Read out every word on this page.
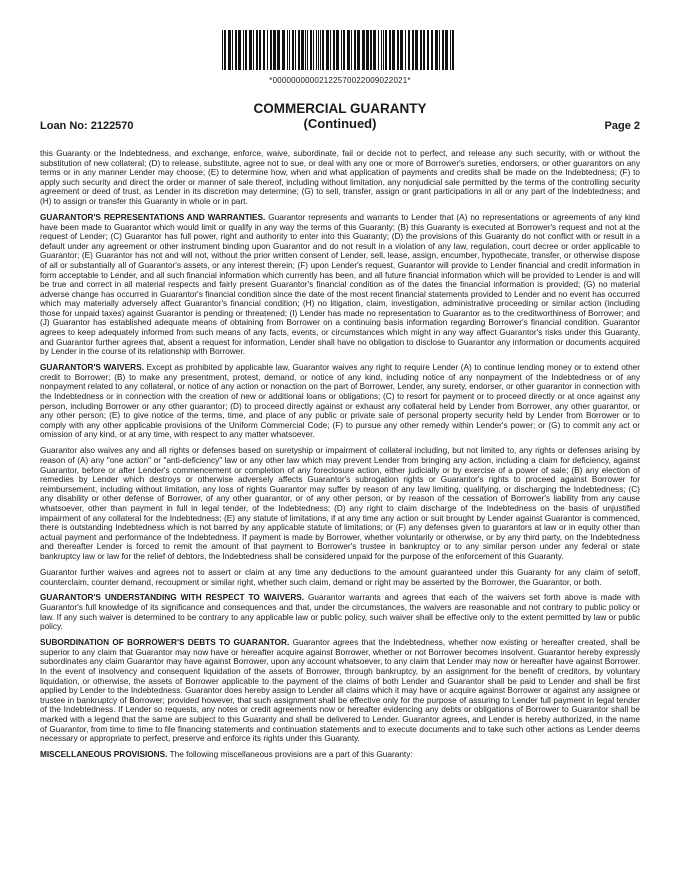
*00000000002122570022009022021*
COMMERCIAL GUARANTY
(Continued)
Loan No: 2122570	Page 2

this Guaranty or the Indebtedness, and exchange, enforce, waive, subordinate, fail or decide not to perfect, and release any such security, with or without the substitution of new collateral; (D) to release, substitute, agree not to sue, or deal with any one or more of Borrower's sureties, endorsers, or other guarantors on any terms or in any manner Lender may choose; (E) to determine how, when and what application of payments and credits shall be made on the Indebtedness; (F) to apply such security and direct the order or manner of sale thereof, including without limitation, any nonjudicial sale permitted by the terms of the controlling security agreement or deed of trust, as Lender in its discretion may determine; (G) to sell, transfer, assign or grant participations in all or any part of the Indebtedness; and (H) to assign or transfer this Guaranty in whole or in part.

GUARANTOR'S REPRESENTATIONS AND WARRANTIES. Guarantor represents and warrants to Lender that (A) no representations or agreements of any kind have been made to Guarantor which would limit or qualify in any way the terms of this Guaranty; (B) this Guaranty is executed at Borrower's request and not at the request of Lender; (C) Guarantor has full power, right and authority to enter into this Guaranty; (D) the provisions of this Guaranty do not conflict with or result in a default under any agreement or other instrument binding upon Guarantor and do not result in a violation of any law, regulation, court decree or order applicable to Guarantor; (E) Guarantor has not and will not, without the prior written consent of Lender, sell, lease, assign, encumber, hypothecate, transfer, or otherwise dispose of all or substantially all of Guarantor's assets, or any interest therein; (F) upon Lender's request, Guarantor will provide to Lender financial and credit information in form acceptable to Lender, and all such financial information which currently has been, and all future financial information which will be provided to Lender is and will be true and correct in all material respects and fairly present Guarantor's financial condition as of the dates the financial information is provided; (G) no material adverse change has occurred in Guarantor's financial condition since the date of the most recent financial statements provided to Lender and no event has occurred which may materially adversely affect Guarantor's financial condition; (H) no litigation, claim, investigation, administrative proceeding or similar action (including those for unpaid taxes) against Guarantor is pending or threatened; (I) Lender has made no representation to Guarantor as to the creditworthiness of Borrower; and (J) Guarantor has established adequate means of obtaining from Borrower on a continuing basis information regarding Borrower's financial condition. Guarantor agrees to keep adequately informed from such means of any facts, events, or circumstances which might in any way affect Guarantor's risks under this Guaranty, and Guarantor further agrees that, absent a request for information, Lender shall have no obligation to disclose to Guarantor any information or documents acquired by Lender in the course of its relationship with Borrower.

GUARANTOR'S WAIVERS. Except as prohibited by applicable law, Guarantor waives any right to require Lender (A) to continue lending money or to extend other credit to Borrower; (B) to make any presentment, protest, demand, or notice of any kind, including notice of any nonpayment of the Indebtedness or of any nonpayment related to any collateral, or notice of any action or nonaction on the part of Borrower, Lender, any surety, endorser, or other guarantor in connection with the Indebtedness or in connection with the creation of new or additional loans or obligations; (C) to resort for payment or to proceed directly or at once against any person, including Borrower or any other guarantor; (D) to proceed directly against or exhaust any collateral held by Lender from Borrower, any other guarantor, or any other person; (E) to give notice of the terms, time, and place of any public or private sale of personal property security held by Lender from Borrower or to comply with any other applicable provisions of the Uniform Commercial Code; (F) to pursue any other remedy within Lender's power; or (G) to commit any act or omission of any kind, or at any time, with respect to any matter whatsoever.

Guarantor also waives any and all rights or defenses based on suretyship or impairment of collateral including, but not limited to, any rights or defenses arising by reason of (A) any "one action" or "anti-deficiency" law or any other law which may prevent Lender from bringing any action, including a claim for deficiency, against Guarantor, before or after Lender's commencement or completion of any foreclosure action, either judicially or by exercise of a power of sale; (B) any election of remedies by Lender which destroys or otherwise adversely affects Guarantor's subrogation rights or Guarantor's rights to proceed against Borrower for reimbursement, including without limitation, any loss of rights Guarantor may suffer by reason of any law limiting, qualifying, or discharging the Indebtedness; (C) any disability or other defense of Borrower, of any other guarantor, or of any other person, or by reason of the cessation of Borrower's liability from any cause whatsoever, other than payment in full in legal tender, of the Indebtedness; (D) any right to claim discharge of the Indebtedness on the basis of unjustified impairment of any collateral for the Indebtedness; (E) any statute of limitations, if at any time any action or suit brought by Lender against Guarantor is commenced, there is outstanding Indebtedness which is not barred by any applicable statute of limitations; or (F) any defenses given to guarantors at law or in equity other than actual payment and performance of the Indebtedness. If payment is made by Borrower, whether voluntarily or otherwise, or by any third party, on the Indebtedness and thereafter Lender is forced to remit the amount of that payment to Borrower's trustee in bankruptcy or to any similar person under any federal or state bankruptcy law or law for the relief of debtors, the Indebtedness shall be considered unpaid for the purpose of the enforcement of this Guaranty.

Guarantor further waives and agrees not to assert or claim at any time any deductions to the amount guaranteed under this Guaranty for any claim of setoff, counterclaim, counter demand, recoupment or similar right, whether such claim, demand or right may be asserted by the Borrower, the Guarantor, or both.

GUARANTOR'S UNDERSTANDING WITH RESPECT TO WAIVERS. Guarantor warrants and agrees that each of the waivers set forth above is made with Guarantor's full knowledge of its significance and consequences and that, under the circumstances, the waivers are reasonable and not contrary to public policy or law. If any such waiver is determined to be contrary to any applicable law or public policy, such waiver shall be effective only to the extent permitted by law or public policy.

SUBORDINATION OF BORROWER'S DEBTS TO GUARANTOR. Guarantor agrees that the Indebtedness, whether now existing or hereafter created, shall be superior to any claim that Guarantor may now have or hereafter acquire against Borrower, whether or not Borrower becomes insolvent. Guarantor hereby expressly subordinates any claim Guarantor may have against Borrower, upon any account whatsoever, to any claim that Lender may now or hereafter have against Borrower. In the event of insolvency and consequent liquidation of the assets of Borrower, through bankruptcy, by an assignment for the benefit of creditors, by voluntary liquidation, or otherwise, the assets of Borrower applicable to the payment of the claims of both Lender and Guarantor shall be paid to Lender and shall be first applied by Lender to the Indebtedness. Guarantor does hereby assign to Lender all claims which it may have or acquire against Borrower or against any assignee or trustee in bankruptcy of Borrower; provided however, that such assignment shall be effective only for the purpose of assuring to Lender full payment in legal tender of the Indebtedness. If Lender so requests, any notes or credit agreements now or hereafter evidencing any debts or obligations of Borrower to Guarantor shall be marked with a legend that the same are subject to this Guaranty and shall be delivered to Lender. Guarantor agrees, and Lender is hereby authorized, in the name of Guarantor, from time to time to file financing statements and continuation statements and to execute documents and to take such other actions as Lender deems necessary or appropriate to perfect, preserve and enforce its rights under this Guaranty.

MISCELLANEOUS PROVISIONS. The following miscellaneous provisions are a part of this Guaranty:
